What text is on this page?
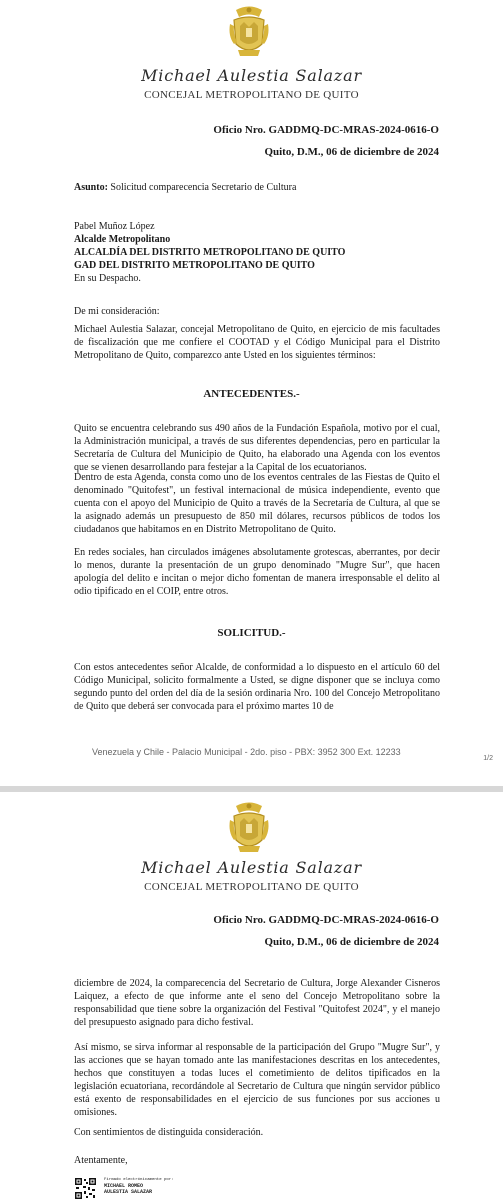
Michael Aulestia Salazar
CONCEJAL METROPOLITANO DE QUITO
Oficio Nro. GADDMQ-DC-MRAS-2024-0616-O
Quito, D.M., 06 de diciembre de 2024
Asunto: Solicitud comparecencia Secretario de Cultura
Pabel Muñoz López
Alcalde Metropolitano
ALCALDÍA DEL DISTRITO METROPOLITANO DE QUITO
GAD DEL DISTRITO METROPOLITANO DE QUITO
En su Despacho.
De mi consideración:
Michael Aulestia Salazar, concejal Metropolitano de Quito, en ejercicio de mis facultades de fiscalización que me confiere el COOTAD y el Código Municipal para el Distrito Metropolitano de Quito, comparezco ante Usted en los siguientes términos:
ANTECEDENTES.-
Quito se encuentra celebrando sus 490 años de la Fundación Española, motivo por el cual, la Administración municipal, a través de sus diferentes dependencias, pero en particular la Secretaría de Cultura del Municipio de Quito, ha elaborado una Agenda con los eventos que se vienen desarrollando para festejar a la Capital de los ecuatorianos.
Dentro de esta Agenda, consta como uno de los eventos centrales de las Fiestas de Quito el denominado "Quitofest", un festival internacional de música independiente, evento que cuenta con el apoyo del Municipio de Quito a través de la Secretaría de Cultura, al que se la asignado además un presupuesto de 850 mil dólares, recursos públicos de todos los ciudadanos que habitamos en en Distrito Metropolitano de Quito.
En redes sociales, han circulados imágenes absolutamente grotescas, aberrantes, por decir lo menos, durante la presentación de un grupo denominado "Mugre Sur", que hacen apología del delito e incitan o mejor dicho fomentan de manera irresponsable el delito al odio tipificado en el COIP, entre otros.
SOLICITUD.-
Con estos antecedentes señor Alcalde, de conformidad a lo dispuesto en el artículo 60 del Código Municipal, solicito formalmente a Usted, se digne disponer que se incluya como segundo punto del orden del día de la sesión ordinaria Nro. 100 del Concejo Metropolitano de Quito que deberá ser convocada para el próximo martes 10 de
Venezuela y Chile - Palacio Municipal - 2do. piso - PBX: 3952 300 Ext. 12233
1/2
Michael Aulestia Salazar
CONCEJAL METROPOLITANO DE QUITO
Oficio Nro. GADDMQ-DC-MRAS-2024-0616-O
Quito, D.M., 06 de diciembre de 2024
diciembre de 2024, la comparecencia del Secretario de Cultura, Jorge Alexander Cisneros Laiquez, a efecto de que informe ante el seno del Concejo Metropolitano sobre la responsabilidad que tiene sobre la organización del Festival "Quitofest 2024", y el manejo del presupuesto asignado para dicho festival.
Así mismo, se sirva informar al responsable de la participación del Grupo "Mugre Sur", y las acciones que se hayan tomado ante las manifestaciones descritas en los antecedentes, hechos que constituyen a todas luces el cometimiento de delitos tipificados en la legislación ecuatoriana, recordándole al Secretario de Cultura que ningún servidor público está exento de responsabilidades en el ejercicio de sus funciones por sus acciones u omisiones.
Con sentimientos de distinguida consideración.
Atentamente,
Firmado electrónicamente por:
MICHAEL ROMEO
AULESTIA SALAZAR
